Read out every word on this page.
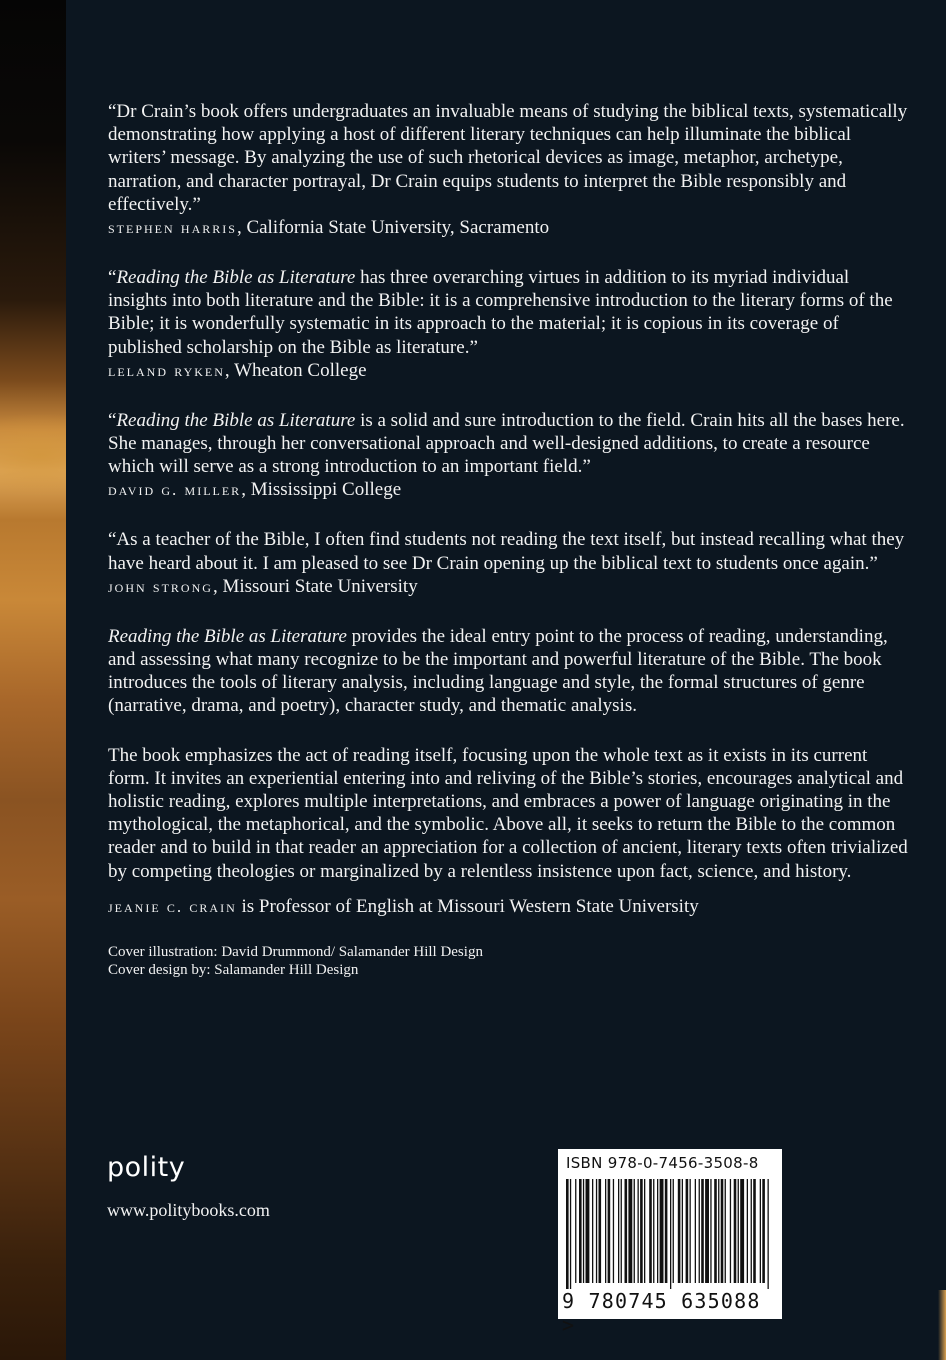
“Dr Crain’s book offers undergraduates an invaluable means of studying the biblical texts, systematically demonstrating how applying a host of different literary techniques can help illuminate the biblical writers’ message. By analyzing the use of such rhetorical devices as image, metaphor, archetype, narration, and character portrayal, Dr Crain equips students to interpret the Bible responsibly and effectively.”

stephen harris, California State University, Sacramento

“Reading the Bible as Literature has three overarching virtues in addition to its myriad individual insights into both literature and the Bible: it is a comprehensive introduction to the literary forms of the Bible; it is wonderfully systematic in its approach to the material; it is copious in its coverage of published scholarship on the Bible as literature.”

leland ryken, Wheaton College

“Reading the Bible as Literature is a solid and sure introduction to the field. Crain hits all the bases here. She manages, through her conversational approach and well-designed additions, to create a resource which will serve as a strong introduction to an important field.”

david g. miller, Mississippi College

“As a teacher of the Bible, I often find students not reading the text itself, but instead recalling what they have heard about it. I am pleased to see Dr Crain opening up the biblical text to students once again.”

john strong, Missouri State University

Reading the Bible as Literature provides the ideal entry point to the process of reading, understanding, and assessing what many recognize to be the important and powerful literature of the Bible. The book introduces the tools of literary analysis, including language and style, the formal structures of genre (narrative, drama, and poetry), character study, and thematic analysis.

The book emphasizes the act of reading itself, focusing upon the whole text as it exists in its current form. It invites an experiential entering into and reliving of the Bible’s stories, encourages analytical and holistic reading, explores multiple interpretations, and embraces a power of language originating in the mythological, the metaphorical, and the symbolic. Above all, it seeks to return the Bible to the common reader and to build in that reader an appreciation for a collection of ancient, literary texts often trivialized by competing theologies or marginalized by a relentless insistence upon fact, science, and history.

jeanie c. crain is Professor of English at Missouri Western State University

Cover illustration: David Drummond/ Salamander Hill Design
Cover design by: Salamander Hill Design
polity
www.politybooks.com
ISBN 978-0-7456-3508-8
9 780745 635088 >
